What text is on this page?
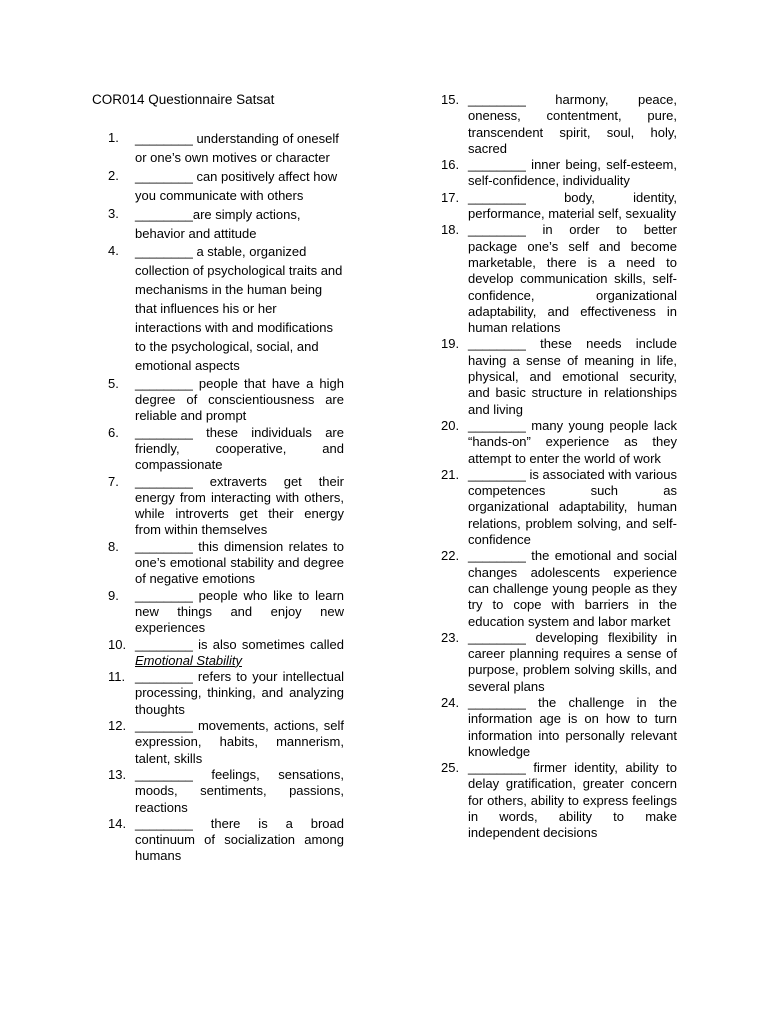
COR014 Questionnaire Satsat
1.	________ understanding of oneself or one’s own motives or character
2.	________ can positively affect how you communicate with others
3.	________are simply actions, behavior and attitude
4.	________ a stable, organized collection of psychological traits and mechanisms in the human being that influences his or her interactions with and modifications to the psychological, social, and emotional aspects
5.	________ people that have a high degree of conscientiousness are reliable and prompt
6.	________ these individuals are friendly, cooperative, and compassionate
7.	________ extraverts get their energy from interacting with others, while introverts get their energy from within themselves
8.	________ this dimension relates to one’s emotional stability and degree of negative emotions
9.	________ people who like to learn new things and enjoy new experiences
10. ________ is also sometimes called Emotional Stability
11. ________ refers to your intellectual processing, thinking, and analyzing thoughts
12. ________ movements, actions, self expression, habits, mannerism, talent, skills
13. ________ feelings, sensations, moods, sentiments, passions, reactions
14. ________ there is a broad continuum of socialization among humans
15. ________ harmony, peace, oneness, contentment, pure, transcendent spirit, soul, holy, sacred
16. ________ inner being, self-esteem, self-confidence, individuality
17. ________ body, identity, performance, material self, sexuality
18. ________ in order to better package one’s self and become marketable, there is a need to develop communication skills, self-confidence, organizational adaptability, and effectiveness in human relations
19. ________ these needs include having a sense of meaning in life, physical, and emotional security, and basic structure in relationships and living
20. ________ many young people lack “hands-on” experience as they attempt to enter the world of work
21. ________ is associated with various competences such as organizational adaptability, human relations, problem solving, and self-confidence
22. ________ the emotional and social changes adolescents experience can challenge young people as they try to cope with barriers in the education system and labor market
23. ________ developing flexibility in career planning requires a sense of purpose, problem solving skills, and several plans
24. ________ the challenge in the information age is on how to turn information into personally relevant knowledge
25. ________ firmer identity, ability to delay gratification, greater concern for others, ability to express feelings in words, ability to make independent decisions
